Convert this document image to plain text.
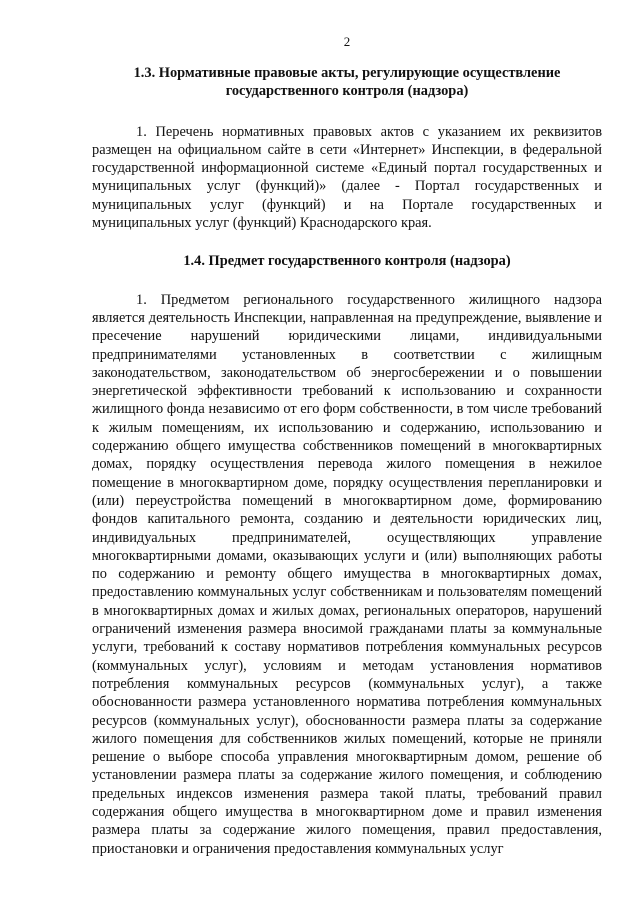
2

1.3. Нормативные правовые акты, регулирующие осуществление государственного контроля (надзора)

1. Перечень нормативных правовых актов с указанием их реквизитов размещен на официальном сайте в сети «Интернет» Инспекции, в федеральной государственной информационной системе «Единый портал государственных и муниципальных услуг (функций)» (далее - Портал государственных и муниципальных услуг (функций) и на Портале государственных и муниципальных услуг (функций) Краснодарского края.

1.4. Предмет государственного контроля (надзора)

1. Предметом регионального государственного жилищного надзора является деятельность Инспекции, направленная на предупреждение, выявление и пресечение нарушений юридическими лицами, индивидуальными предпринимателями установленных в соответствии с жилищным законодательством, законодательством об энергосбережении и о повышении энергетической эффективности требований к использованию и сохранности жилищного фонда независимо от его форм собственности, в том числе требований к жилым помещениям, их использованию и содержанию, использованию и содержанию общего имущества собственников помещений в многоквартирных домах, порядку осуществления перевода жилого помещения в нежилое помещение в многоквартирном доме, порядку осуществления перепланировки и (или) переустройства помещений в многоквартирном доме, формированию фондов капитального ремонта, созданию и деятельности юридических лиц, индивидуальных предпринимателей, осуществляющих управление многоквартирными домами, оказывающих услуги и (или) выполняющих работы по содержанию и ремонту общего имущества в многоквартирных домах, предоставлению коммунальных услуг собственникам и пользователям помещений в многоквартирных домах и жилых домах, региональных операторов, нарушений ограничений изменения размера вносимой гражданами платы за коммунальные услуги, требований к составу нормативов потребления коммунальных ресурсов (коммунальных услуг), условиям и методам установления нормативов потребления коммунальных ресурсов (коммунальных услуг), а также обоснованности размера установленного норматива потребления коммунальных ресурсов (коммунальных услуг), обоснованности размера платы за содержание жилого помещения для собственников жилых помещений, которые не приняли решение о выборе способа управления многоквартирным домом, решение об установлении размера платы за содержание жилого помещения, и соблюдению предельных индексов изменения размера такой платы, требований правил содержания общего имущества в многоквартирном доме и правил изменения размера платы за содержание жилого помещения, правил предоставления, приостановки и ограничения предоставления коммунальных услуг
